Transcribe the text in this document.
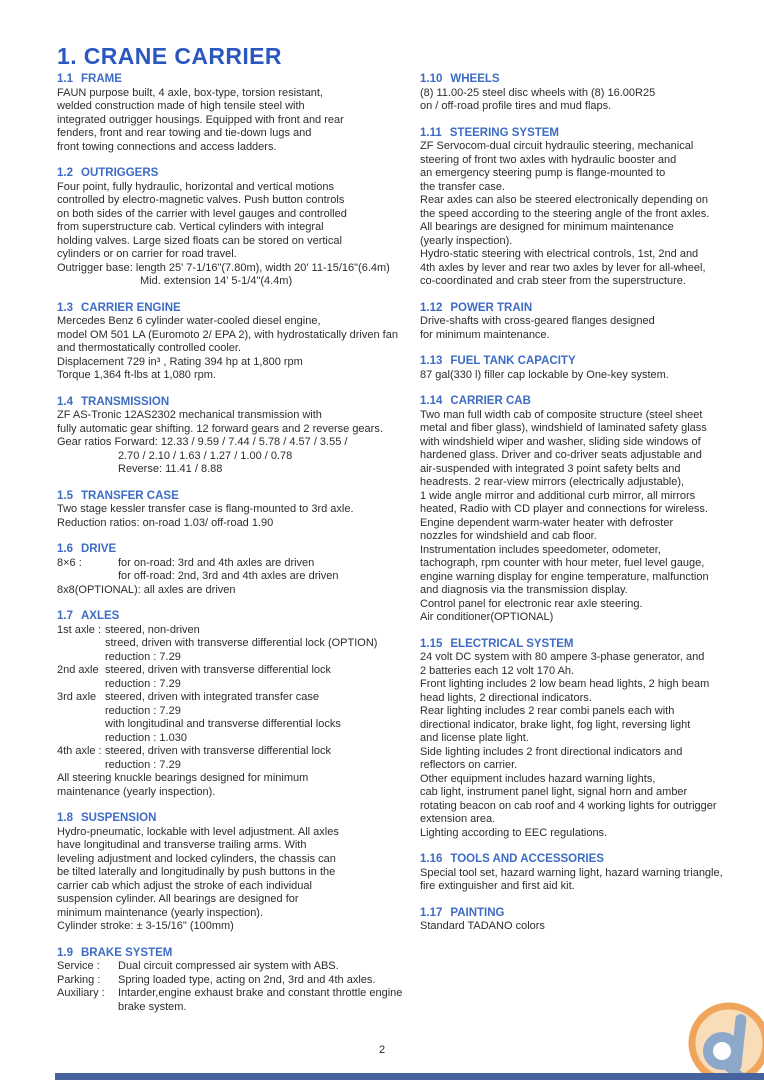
1. CRANE CARRIER
1.1 FRAME
FAUN purpose built, 4 axle, box-type, torsion resistant,
welded construction made of high tensile steel with
integrated outrigger housings. Equipped with front and rear
fenders, front and rear towing and tie-down lugs and
front towing connections and access ladders.
1.2 OUTRIGGERS
Four point, fully hydraulic, horizontal and vertical motions
controlled by electro-magnetic valves. Push button controls
on both sides of the carrier with level gauges and controlled
from superstructure cab. Vertical cylinders with integral
holding valves. Large sized floats can be stored on vertical
cylinders or on carrier for road travel.
Outrigger base: length 25' 7-1/16"(7.80m), width 20' 11-15/16"(6.4m)
Mid. extension 14' 5-1/4"(4.4m)
1.3 CARRIER ENGINE
Mercedes Benz 6 cylinder water-cooled diesel engine,
model OM 501 LA (Euromoto 2/ EPA 2), with hydrostatically driven fan
and thermostatically controlled cooler.
Displacement 729 in³ , Rating 394 hp at 1,800 rpm
Torque 1,364 ft-lbs at 1,080 rpm.
1.4 TRANSMISSION
ZF AS-Tronic 12AS2302 mechanical transmission with
fully automatic gear shifting. 12 forward gears and 2 reverse gears.
Gear ratios Forward: 12.33 / 9.59 / 7.44 / 5.78 / 4.57 / 3.55 /
2.70 / 2.10 / 1.63 / 1.27 / 1.00 / 0.78
Reverse: 11.41 / 8.88
1.5 TRANSFER CASE
Two stage kessler transfer case is flang-mounted to 3rd axle.
Reduction ratios: on-road 1.03/ off-road 1.90
1.6 DRIVE
8×6 :	for on-road: 3rd and 4th axles are driven
for off-road: 2nd, 3rd and 4th axles are driven
8x8(OPTIONAL): all axles are driven
1.7 AXLES
1st axle : steered, non-driven
streed, driven with transverse differential lock (OPTION)
reduction : 7.29
2nd axle steered, driven with transverse differential lock
reduction : 7.29
3rd axle steered, driven with integrated transfer case
reduction : 7.29
with longitudinal and transverse differential locks
reduction : 1.030
4th axle : steered, driven with transverse differential lock
reduction : 7.29
All steering knuckle bearings designed for minimum
maintenance (yearly inspection).
1.8 SUSPENSION
Hydro-pneumatic, lockable with level adjustment. All axles
have longitudinal and transverse trailing arms. With
leveling adjustment and locked cylinders, the chassis can
be tilted laterally and longitudinally by push buttons in the
carrier cab which adjust the stroke of each individual
suspension cylinder. All bearings are designed for
minimum maintenance (yearly inspection).
Cylinder stroke: ± 3-15/16" (100mm)
1.9 BRAKE SYSTEM
Service :	Dual circuit compressed air system with ABS.
Parking :	Spring loaded type, acting on 2nd, 3rd and 4th axles.
Auxiliary :	Intarder,engine exhaust brake and constant throttle engine
brake system.
1.10 WHEELS
(8) 11.00-25 steel disc wheels with (8) 16.00R25
on / off-road profile tires and mud flaps.
1.11 STEERING SYSTEM
ZF Servocom-dual circuit hydraulic steering, mechanical
steering of front two axles with hydraulic booster and
an emergency steering pump is flange-mounted to
the transfer case.
Rear axles can also be steered electronically depending on
the speed according to the steering angle of the front axles.
All bearings are designed for minimum maintenance
(yearly inspection).
Hydro-static steering with electrical controls, 1st, 2nd and
4th axles by lever and rear two axles by lever for all-wheel,
co-coordinated and crab steer from the superstructure.
1.12 POWER TRAIN
Drive-shafts with cross-geared flanges designed
for minimum maintenance.
1.13 FUEL TANK CAPACITY
87 gal(330 l) filler cap lockable by One-key system.
1.14 CARRIER CAB
Two man full width cab of composite structure (steel sheet
metal and fiber glass), windshield of laminated safety glass
with windshield wiper and washer, sliding side windows of
hardened glass. Driver and co-driver seats adjustable and
air-suspended with integrated 3 point safety belts and
headrests. 2 rear-view mirrors (electrically adjustable),
1 wide angle mirror and additional curb mirror, all mirrors
heated, Radio with CD player and connections for wireless.
Engine dependent warm-water heater with defroster
nozzles for windshield and cab floor.
Instrumentation includes speedometer, odometer,
tachograph, rpm counter with hour meter, fuel level gauge,
engine warning display for engine temperature, malfunction
and diagnosis via the transmission display.
Control panel for electronic rear axle steering.
Air conditioner(OPTIONAL)
1.15 ELECTRICAL SYSTEM
24 volt DC system with 80 ampere 3-phase generator, and
2 batteries each 12 volt 170 Ah.
Front lighting includes 2 low beam head lights, 2 high beam
head lights, 2 directional indicators.
Rear lighting includes 2 rear combi panels each with
directional indicator, brake light, fog light, reversing light
and license plate light.
Side lighting includes 2 front directional indicators and
reflectors on carrier.
Other equipment includes hazard warning lights,
cab light, instrument panel light, signal horn and amber
rotating beacon on cab roof and 4 working lights for outrigger
extension area.
Lighting according to EEC regulations.
1.16 TOOLS AND ACCESSORIES
Special tool set, hazard warning light, hazard warning triangle,
fire extinguisher and first aid kit.
1.17 PAINTING
Standard TADANO colors
2
